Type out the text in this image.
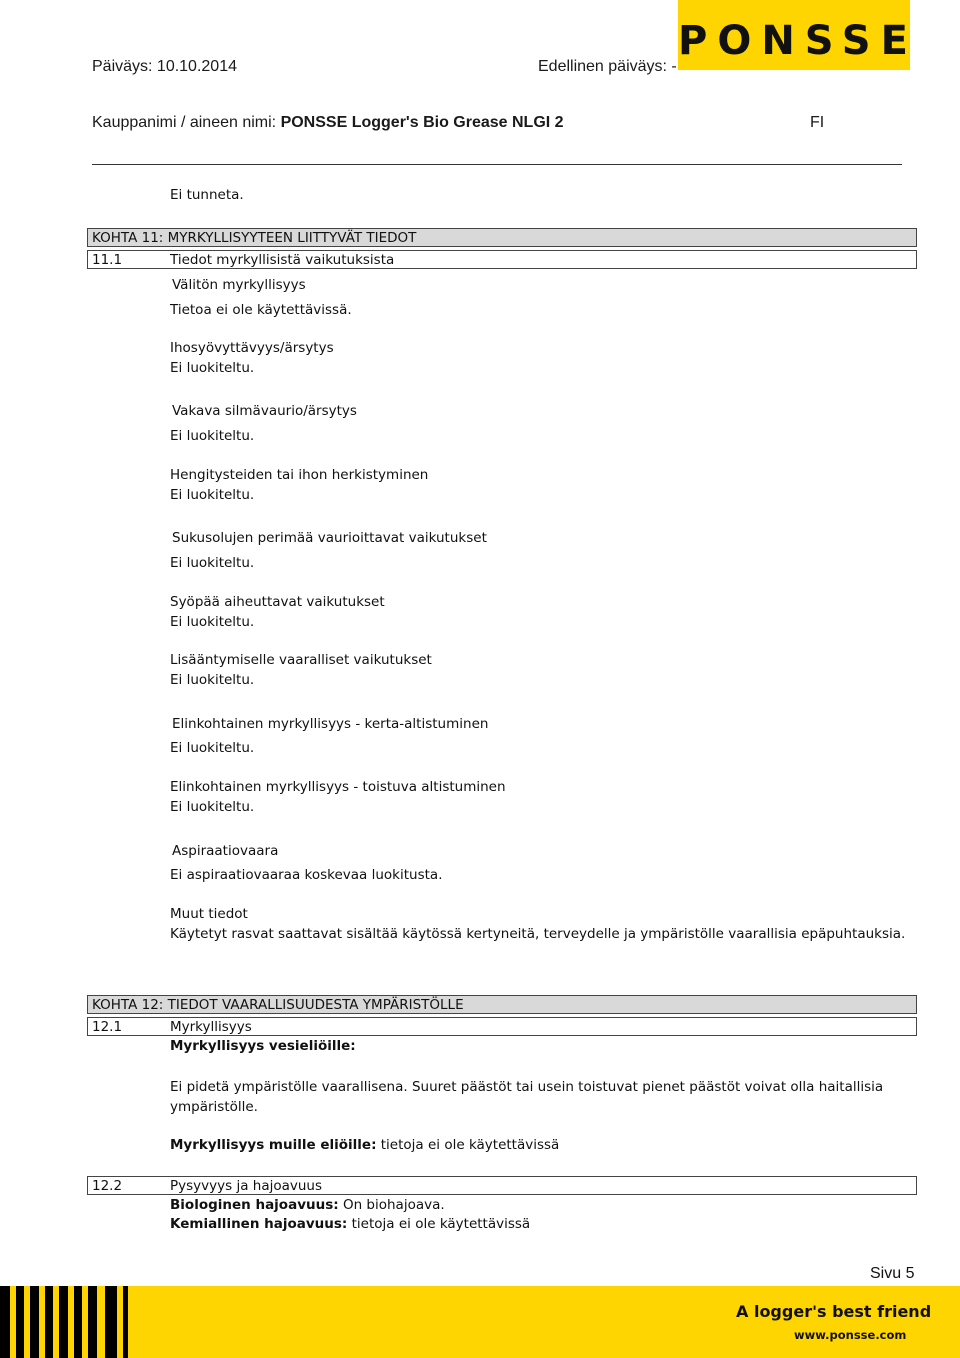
Päiväys: 10.10.2014	Edellinen päiväys: -
PONSSE
Kauppanimi / aineen nimi: PONSSE Logger's Bio Grease NLGI 2	FI
Ei tunneta.
KOHTA 11: MYRKYLLISYYTEEN LIITTYVÄT TIEDOT
11.1	Tiedot myrkyllisistä vaikutuksista
Välitön myrkyllisyys
Tietoa ei ole käytettävissä.
Ihosyövyttävyys/ärsytys
Ei luokiteltu.
Vakava silmävaurio/ärsytys
Ei luokiteltu.
Hengitysteiden tai ihon herkistyminen
Ei luokiteltu.
Sukusolujen perimää vaurioittavat vaikutukset
Ei luokiteltu.
Syöpää aiheuttavat vaikutukset
Ei luokiteltu.
Lisääntymiselle vaaralliset vaikutukset
Ei luokiteltu.
Elinkohtainen myrkyllisyys - kerta-altistuminen
Ei luokiteltu.
Elinkohtainen myrkyllisyys - toistuva altistuminen
Ei luokiteltu.
Aspiraatiovaara
Ei aspiraatiovaaraa koskevaa luokitusta.
Muut tiedot
Käytetyt rasvat saattavat sisältää käytössä kertyneitä, terveydelle ja ympäristölle vaarallisia epäpuhtauksia.
KOHTA 12: TIEDOT VAARALLISUUDESTA YMPÄRISTÖLLE
12.1	Myrkyllisyys
Myrkyllisyys vesieliöille:
Ei pidetä ympäristölle vaarallisena. Suuret päästöt tai usein toistuvat pienet päästöt voivat olla haitallisia ympäristölle.
Myrkyllisyys muille eliöille: tietoja ei ole käytettävissä
12.2	Pysyvyys ja hajoavuus
Biologinen hajoavuus: On biohajoava.
Kemiallinen hajoavuus: tietoja ei ole käytettävissä
Sivu 5
A logger's best friend
www.ponsse.com
